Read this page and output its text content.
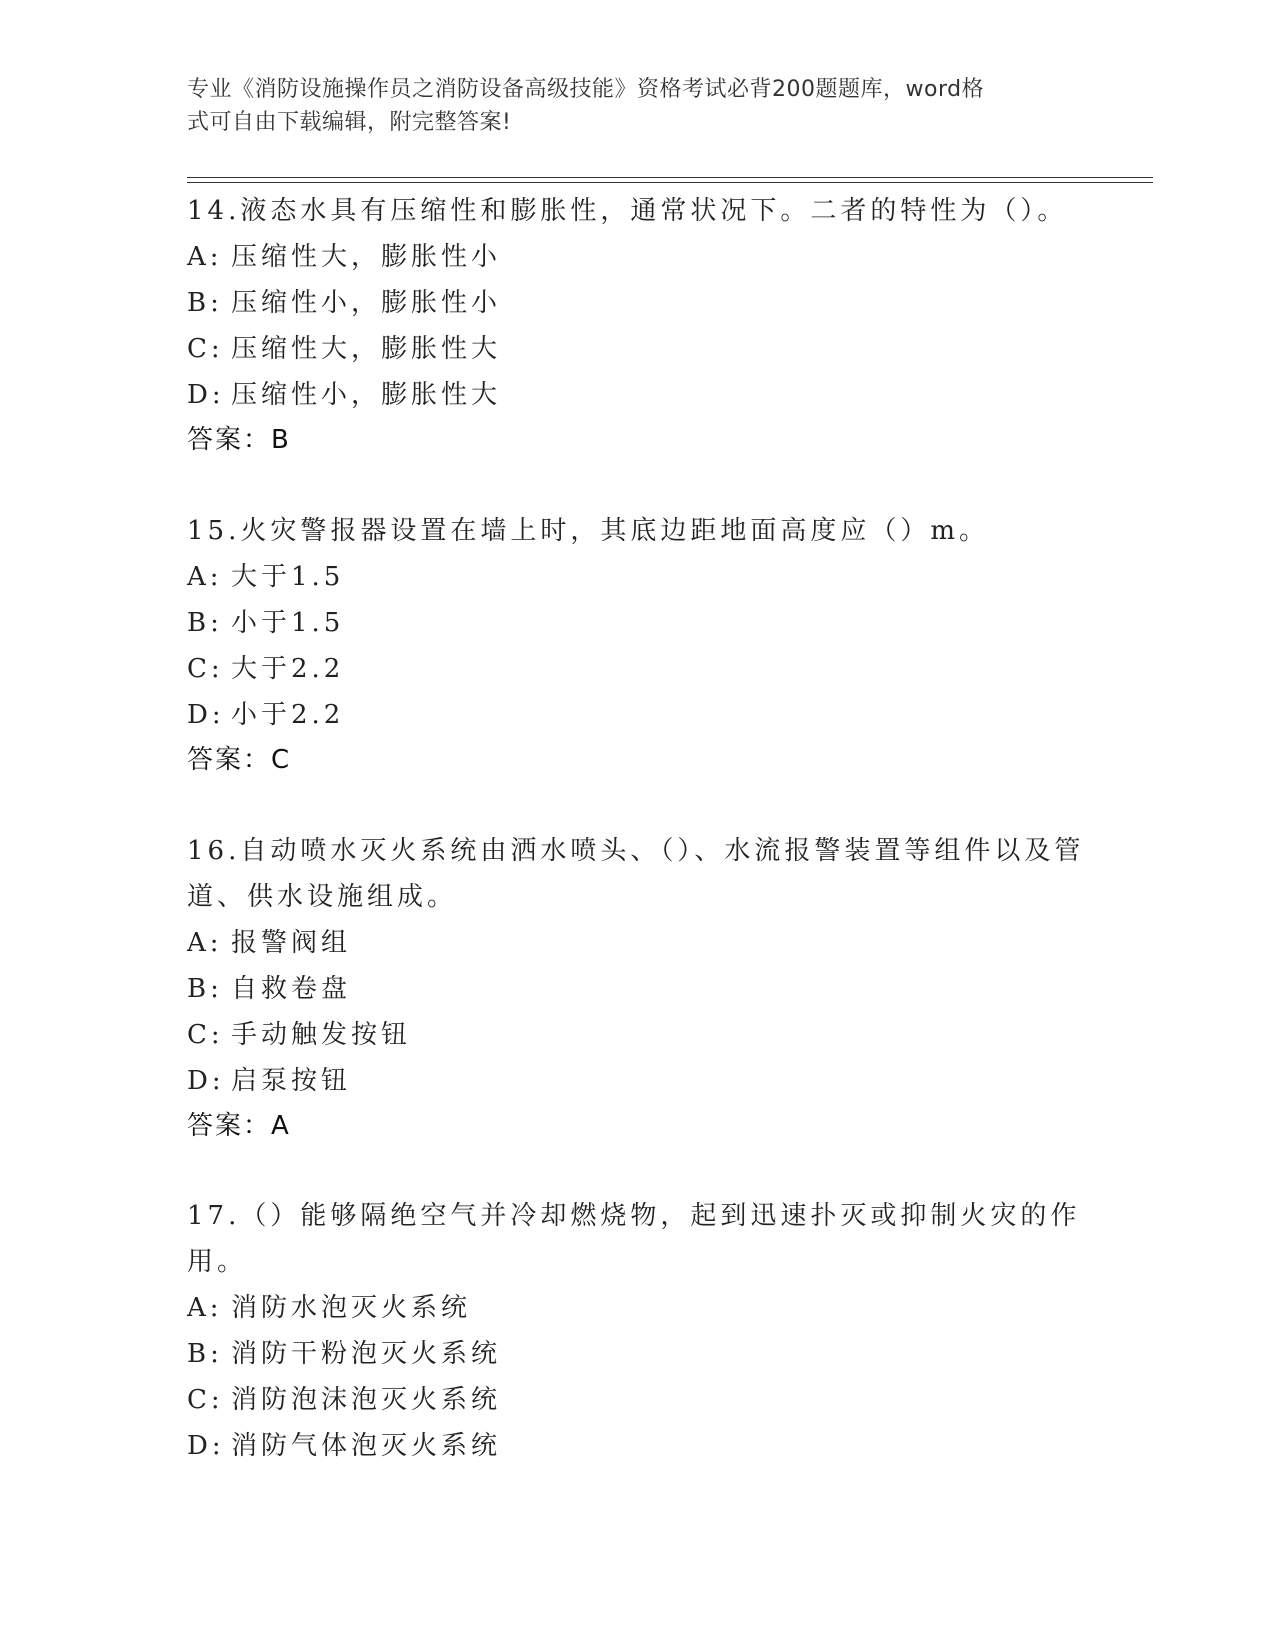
专业《消防设施操作员之消防设备高级技能》资格考试必背200题题库，word格
式可自由下载编辑，附完整答案!
14.液态水具有压缩性和膨胀性，通常状况下。二者的特性为（）。
A: 压缩性大，膨胀性小
B: 压缩性小，膨胀性小
C: 压缩性大，膨胀性大
D: 压缩性小，膨胀性大
答案：B
15.火灾警报器设置在墙上时，其底边距地面高度应（）m。
A: 大于1.5
B: 小于1.5
C: 大于2.2
D: 小于2.2
答案：C
16.自动喷水灭火系统由洒水喷头、（）、水流报警装置等组件以及管道、供水设施组成。
A: 报警阀组
B: 自救卷盘
C: 手动触发按钮
D: 启泵按钮
答案：A
17.（）能够隔绝空气并冷却燃烧物，起到迅速扑灭或抑制火灾的作用。
A: 消防水泡灭火系统
B: 消防干粉泡灭火系统
C: 消防泡沫泡灭火系统
D: 消防气体泡灭火系统
